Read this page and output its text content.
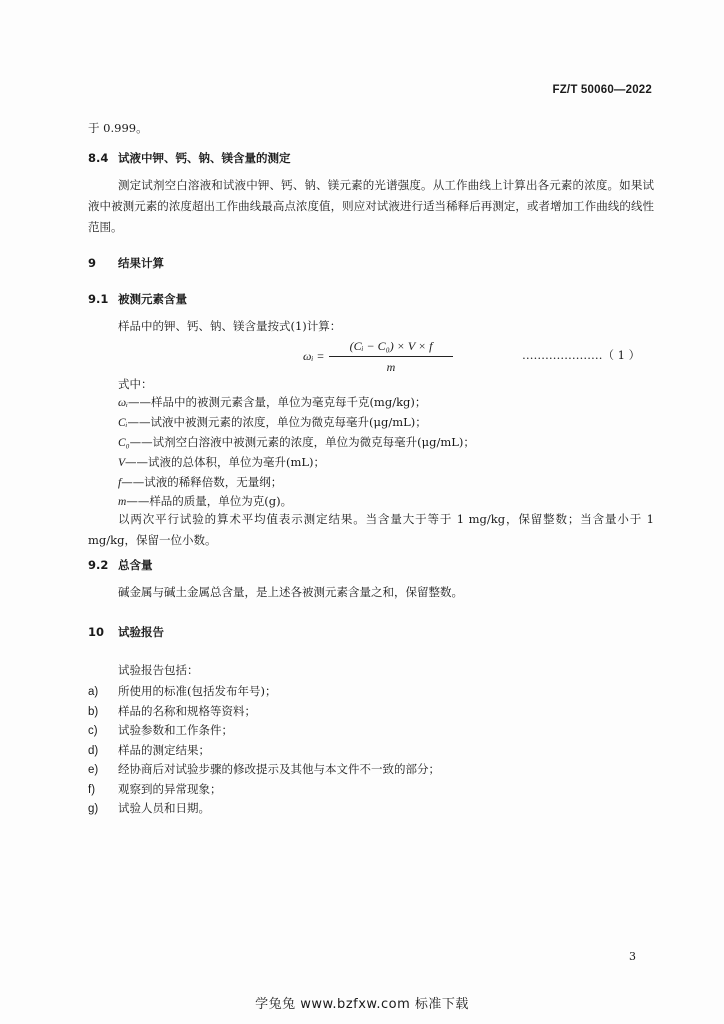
FZ/T 50060—2022
于 0.999。
8.4 试液中钾、钙、钠、镁含量的测定
测定试剂空白溶液和试液中钾、钙、钠、镁元素的光谱强度。从工作曲线上计算出各元素的浓度。如果试液中被测元素的浓度超出工作曲线最高点浓度值，则应对试液进行适当稀释后再测定，或者增加工作曲线的线性范围。
9 结果计算
9.1 被测元素含量
样品中的钾、钙、钠、镁含量按式(1)计算：
ωᵢ =
(Cᵢ − C₀) × V × f
m
…………………（ 1 ）
式中：
ωᵢ——样品中的被测元素含量，单位为毫克每千克(mg/kg)；
Cᵢ——试液中被测元素的浓度，单位为微克每毫升(μg/mL)；
C₀——试剂空白溶液中被测元素的浓度，单位为微克每毫升(μg/mL)；
V——试液的总体积，单位为毫升(mL)；
f——试液的稀释倍数，无量纲；
m——样品的质量，单位为克(g)。
以两次平行试验的算术平均值表示测定结果。当含量大于等于 1 mg/kg，保留整数；当含量小于 1 mg/kg，保留一位小数。
9.2 总含量
碱金属与碱土金属总含量，是上述各被测元素含量之和，保留整数。
10 试验报告
试验报告包括：
a) 所使用的标准(包括发布年号)；
b) 样品的名称和规格等资料；
c) 试验参数和工作条件；
d) 样品的测定结果；
e) 经协商后对试验步骤的修改提示及其他与本文件不一致的部分；
f) 观察到的异常现象；
g) 试验人员和日期。
3
学兔兔 www.bzfxw.com 标准下载
